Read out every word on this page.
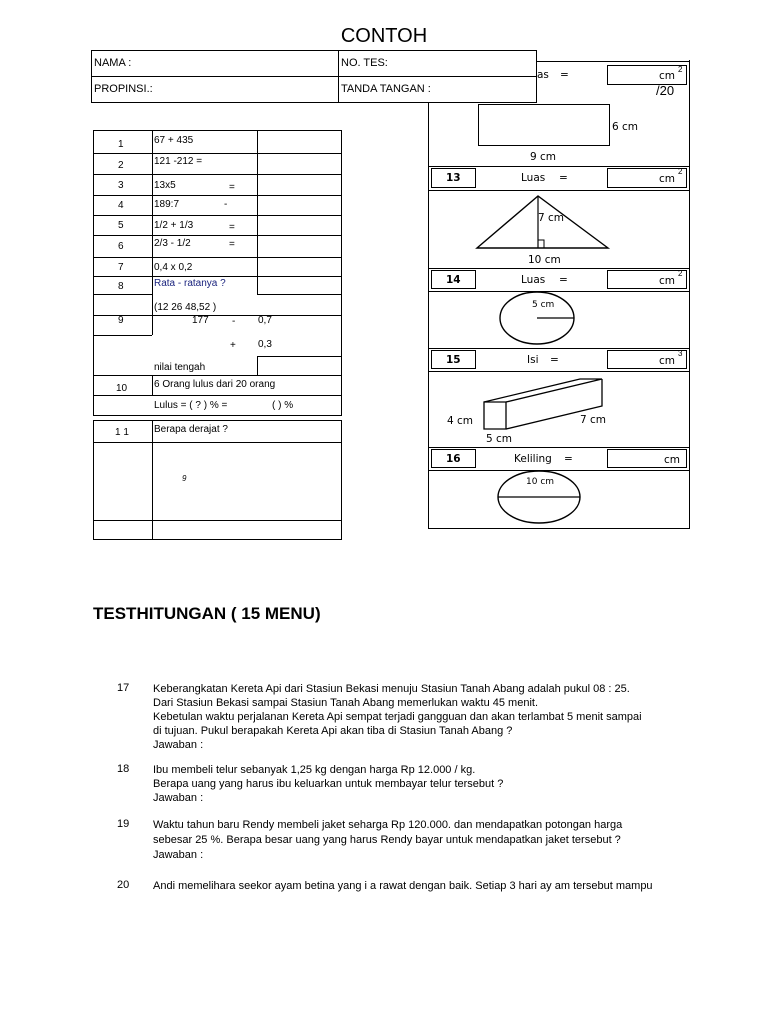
CONTOH
as =	cm
2
6 cm
9 cm
13	Luas =	cm
2
7 cm
10 cm
14	Luas =	cm
2
5 cm
15	Isi =	cm
3
4 cm
5 cm
7 cm
16	Keliling =	cm
10 cm
NAMA :	NO. TES:
PROPINSI.:	TANDA TANGAN :	/20
1	67 + 435
2	121 -212 =
3	13x5	=
4	189:7	-
5	1/2 + 1/3	=
6	2/3 - 1/2	=
7	0,4 x 0,2
8	Rata - ratanya ?
(12 26 48,52 )
9	177 - 0,7
+ 0,3
nilai tengah
10	6 Orang lulus dari 20 orang
Lulus = ( ? ) % =	( ) %
1 1	Berapa derajat ?
9
TESTHITUNGAN ( 15 MENU)
17 Keberangkatan Kereta Api dari Stasiun Bekasi menuju Stasiun Tanah Abang adalah pukul 08 : 25.
Dari Stasiun Bekasi sampai Stasiun Tanah Abang memerlukan waktu 45 menit.
Kebetulan waktu perjalanan Kereta Api sempat terjadi gangguan dan akan terlambat 5 menit sampai
di tujuan. Pukul berapakah Kereta Api akan tiba di Stasiun Tanah Abang ?
Jawaban :
18 Ibu membeli telur sebanyak 1,25 kg dengan harga Rp 12.000 / kg.
Berapa uang yang harus ibu keluarkan untuk membayar telur tersebut ?
Jawaban :
19 Waktu tahun baru Rendy membeli jaket seharga Rp 120.000. dan mendapatkan potongan harga
sebesar 25 %. Berapa besar uang yang harus Rendy bayar untuk mendapatkan jaket tersebut ?
Jawaban :
20 Andi memelihara seekor ayam betina yang i a rawat dengan baik. Setiap 3 hari ay am tersebut mampu
